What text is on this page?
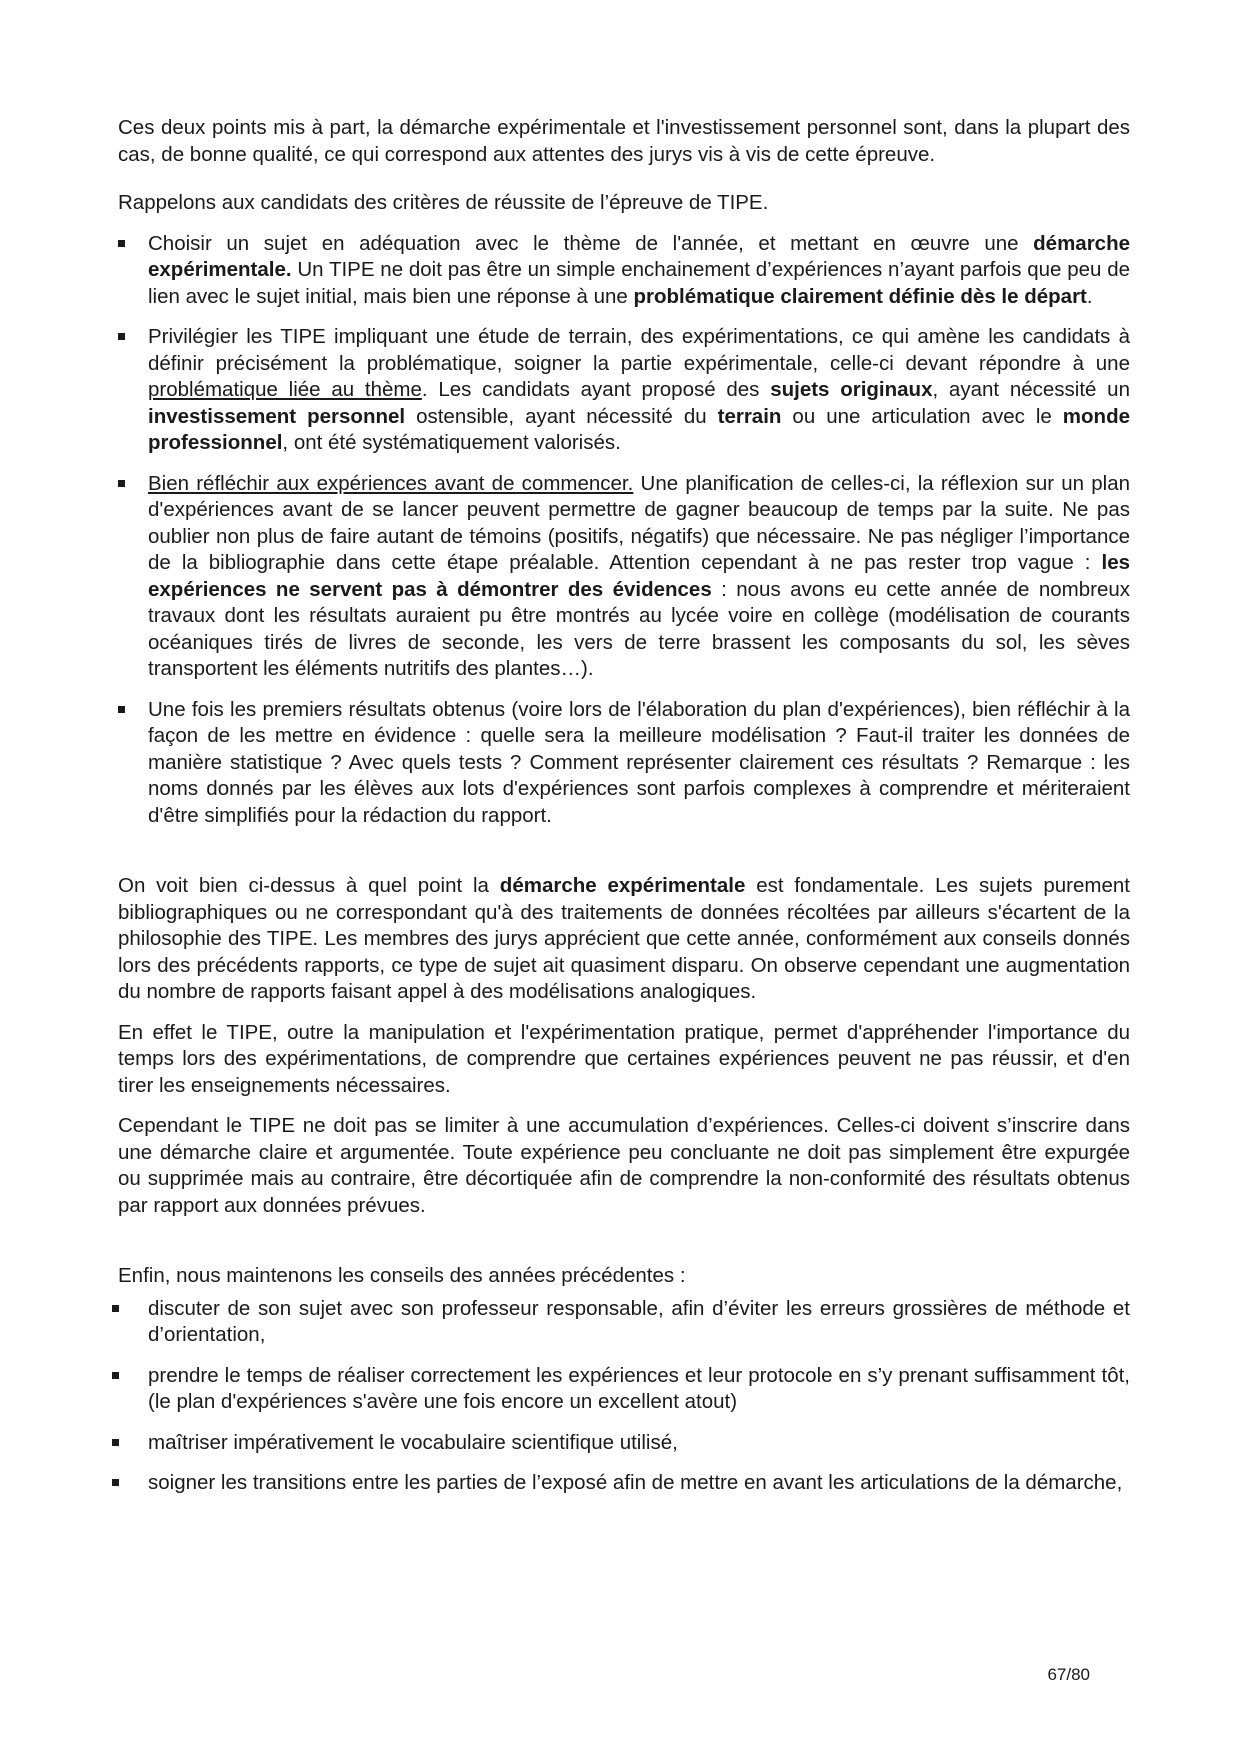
Ces deux points mis à part, la démarche expérimentale et l'investissement personnel sont, dans la plupart des cas, de bonne qualité, ce qui correspond aux attentes des jurys vis à vis de cette épreuve.

Rappelons aux candidats des critères de réussite de l’épreuve de TIPE.

Choisir un sujet en adéquation avec le thème de l'année, et mettant en œuvre une démarche expérimentale. Un TIPE ne doit pas être un simple enchainement d’expériences n’ayant parfois que peu de lien avec le sujet initial, mais bien une réponse à une problématique clairement définie dès le départ.
Privilégier les TIPE impliquant une étude de terrain, des expérimentations, ce qui amène les candidats à définir précisément la problématique, soigner la partie expérimentale, celle-ci devant répondre à une problématique liée au thème. Les candidats ayant proposé des sujets originaux, ayant nécessité un investissement personnel ostensible, ayant nécessité du terrain ou une articulation avec le monde professionnel, ont été systématiquement valorisés.
Bien réfléchir aux expériences avant de commencer. Une planification de celles-ci, la réflexion sur un plan d'expériences avant de se lancer peuvent permettre de gagner beaucoup de temps par la suite. Ne pas oublier non plus de faire autant de témoins (positifs, négatifs) que nécessaire. Ne pas négliger l’importance de la bibliographie dans cette étape préalable. Attention cependant à ne pas rester trop vague : les expériences ne servent pas à démontrer des évidences : nous avons eu cette année de nombreux travaux dont les résultats auraient pu être montrés au lycée voire en collège (modélisation de courants océaniques tirés de livres de seconde, les vers de terre brassent les composants du sol, les sèves transportent les éléments nutritifs des plantes…).
Une fois les premiers résultats obtenus (voire lors de l'élaboration du plan d'expériences), bien réfléchir à la façon de les mettre en évidence : quelle sera la meilleure modélisation ? Faut-il traiter les données de manière statistique ? Avec quels tests ? Comment représenter clairement ces résultats ? Remarque : les noms donnés par les élèves aux lots d'expériences sont parfois complexes à comprendre et mériteraient d'être simplifiés pour la rédaction du rapport.

On voit bien ci-dessus à quel point la démarche expérimentale est fondamentale. Les sujets purement bibliographiques ou ne correspondant qu'à des traitements de données récoltées par ailleurs s'écartent de la philosophie des TIPE. Les membres des jurys apprécient que cette année, conformément aux conseils donnés lors des précédents rapports, ce type de sujet ait quasiment disparu. On observe cependant une augmentation du nombre de rapports faisant appel à des modélisations analogiques.

En effet le TIPE, outre la manipulation et l'expérimentation pratique, permet d'appréhender l'importance du temps lors des expérimentations, de comprendre que certaines expériences peuvent ne pas réussir, et d'en tirer les enseignements nécessaires.

Cependant le TIPE ne doit pas se limiter à une accumulation d’expériences. Celles-ci doivent s’inscrire dans une démarche claire et argumentée. Toute expérience peu concluante ne doit pas simplement être expurgée ou supprimée mais au contraire, être décortiquée afin de comprendre la non-conformité des résultats obtenus par rapport aux données prévues.

Enfin, nous maintenons les conseils des années précédentes :

discuter de son sujet avec son professeur responsable, afin d’éviter les erreurs grossières de méthode et d’orientation,
prendre le temps de réaliser correctement les expériences et leur protocole en s’y prenant suffisamment tôt, (le plan d'expériences s'avère une fois encore un excellent atout)
maîtriser impérativement le vocabulaire scientifique utilisé,
soigner les transitions entre les parties de l’exposé afin de mettre en avant les articulations de la démarche,
67/80
